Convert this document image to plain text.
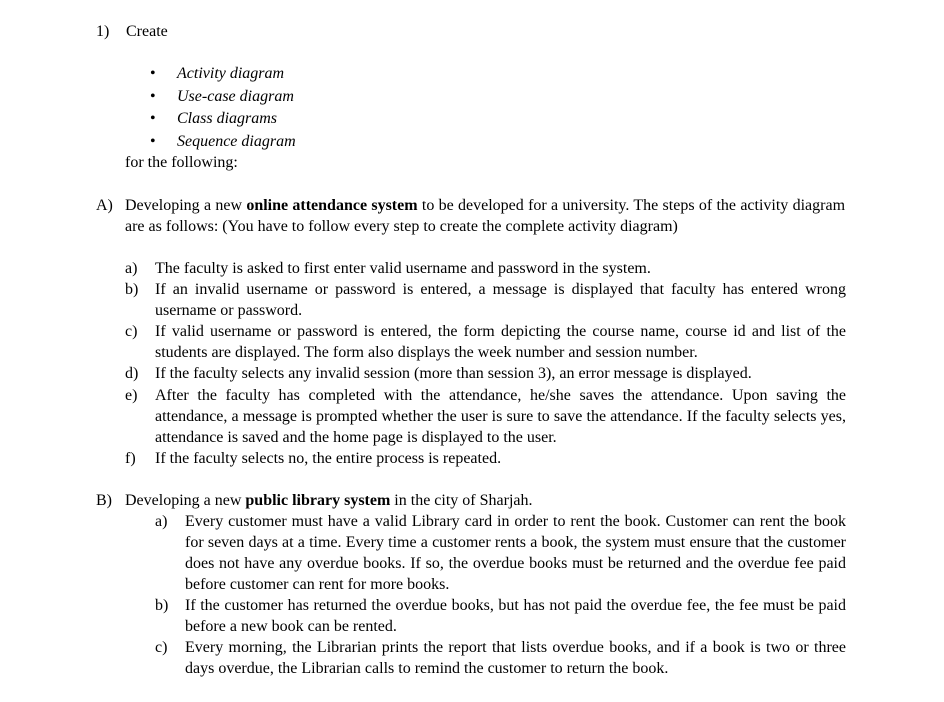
1) Create
• Activity diagram
• Use-case diagram
• Class diagrams
• Sequence diagram
for the following:
A) Developing a new online attendance system to be developed for a university. The steps of the activity diagram are as follows: (You have to follow every step to create the complete activity diagram)
a) The faculty is asked to first enter valid username and password in the system.
b) If an invalid username or password is entered, a message is displayed that faculty has entered wrong username or password.
c) If valid username or password is entered, the form depicting the course name, course id and list of the students are displayed. The form also displays the week number and session number.
d) If the faculty selects any invalid session (more than session 3), an error message is displayed.
e) After the faculty has completed with the attendance, he/she saves the attendance. Upon saving the attendance, a message is prompted whether the user is sure to save the attendance. If the faculty selects yes, attendance is saved and the home page is displayed to the user.
f) If the faculty selects no, the entire process is repeated.
B) Developing a new public library system in the city of Sharjah.
a) Every customer must have a valid Library card in order to rent the book. Customer can rent the book for seven days at a time. Every time a customer rents a book, the system must ensure that the customer does not have any overdue books. If so, the overdue books must be returned and the overdue fee paid before customer can rent for more books.
b) If the customer has returned the overdue books, but has not paid the overdue fee, the fee must be paid before a new book can be rented.
c) Every morning, the Librarian prints the report that lists overdue books, and if a book is two or three days overdue, the Librarian calls to remind the customer to return the book.
